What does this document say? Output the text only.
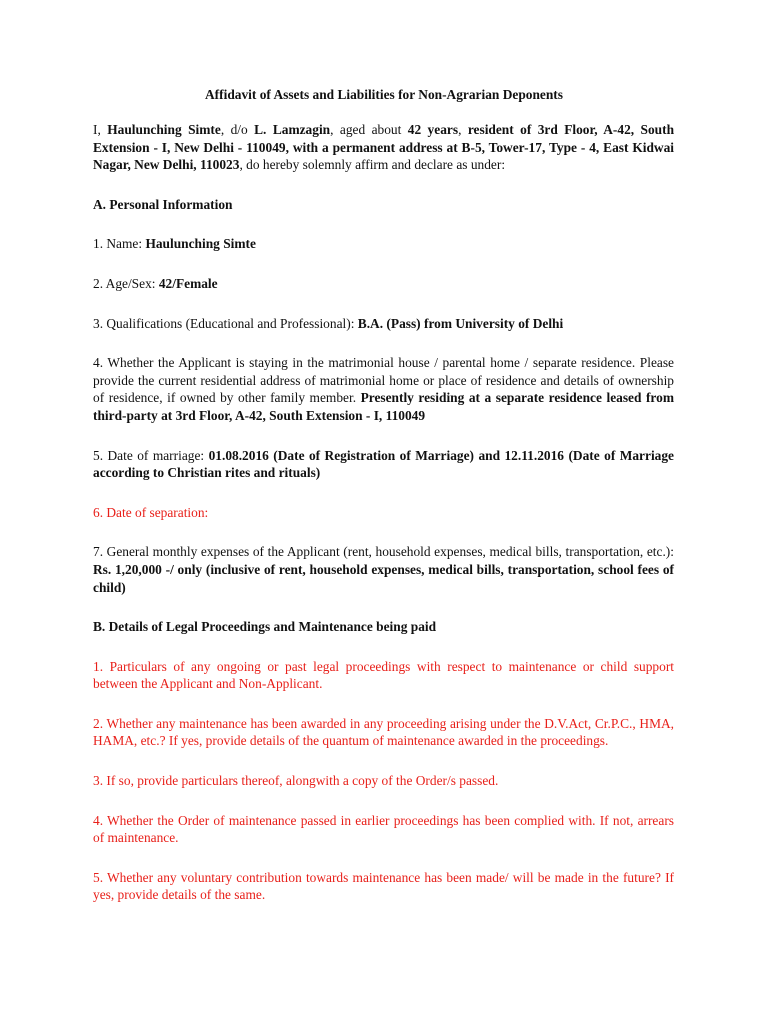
Affidavit of Assets and Liabilities for Non-Agrarian Deponents

I, Haulunching Simte, d/o L. Lamzagin, aged about 42 years, resident of 3rd Floor, A-42, South Extension - I, New Delhi - 110049, with a permanent address at B-5, Tower-17, Type - 4, East Kidwai Nagar, New Delhi, 110023, do hereby solemnly affirm and declare as under:

A. Personal Information

1. Name: Haulunching Simte

2. Age/Sex: 42/Female

3. Qualifications (Educational and Professional): B.A. (Pass) from University of Delhi

4. Whether the Applicant is staying in the matrimonial house / parental home / separate residence. Please provide the current residential address of matrimonial home or place of residence and details of ownership of residence, if owned by other family member. Presently residing at a separate residence leased from third-party at 3rd Floor, A-42, South Extension - I, 110049

5. Date of marriage: 01.08.2016 (Date of Registration of Marriage) and 12.11.2016 (Date of Marriage according to Christian rites and rituals)

6. Date of separation:

7. General monthly expenses of the Applicant (rent, household expenses, medical bills, transportation, etc.): Rs. 1,20,000 -/ only (inclusive of rent, household expenses, medical bills, transportation, school fees of child)

B. Details of Legal Proceedings and Maintenance being paid

1. Particulars of any ongoing or past legal proceedings with respect to maintenance or child support between the Applicant and Non-Applicant.

2. Whether any maintenance has been awarded in any proceeding arising under the D.V.Act, Cr.P.C., HMA, HAMA, etc.? If yes, provide details of the quantum of maintenance awarded in the proceedings.

3. If so, provide particulars thereof, alongwith a copy of the Order/s passed.

4. Whether the Order of maintenance passed in earlier proceedings has been complied with. If not, arrears of maintenance.

5. Whether any voluntary contribution towards maintenance has been made/ will be made in the future? If yes, provide details of the same.
